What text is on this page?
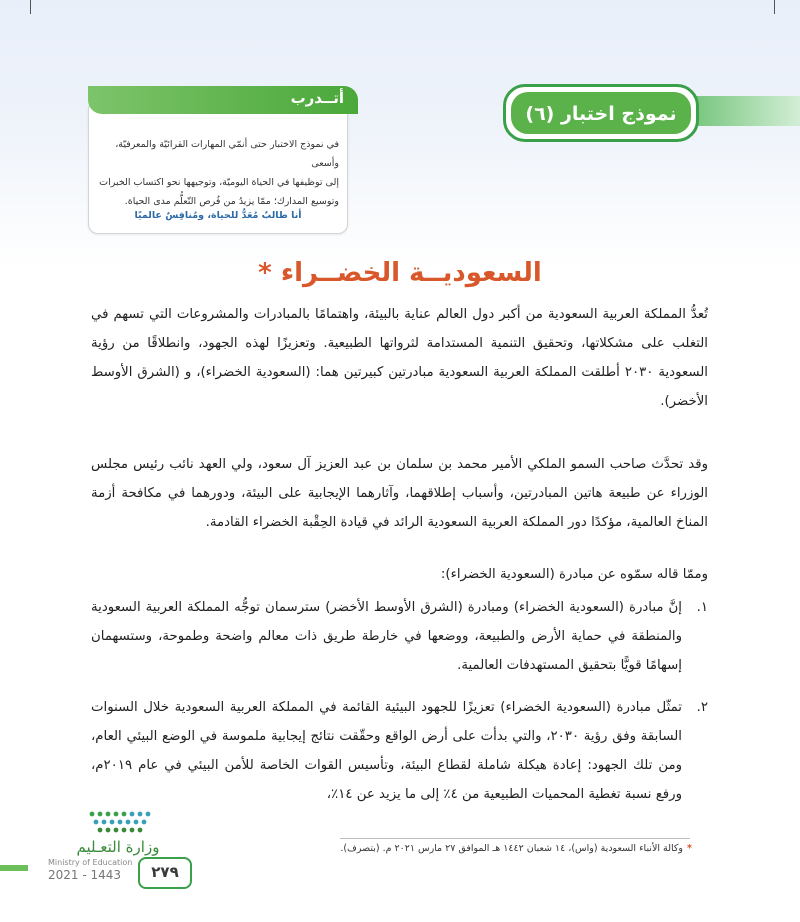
في نموذج الاختبار حتى أنمّي المهارات القرائيّة والمعرفيّة، وأسعى
إلى توظيفها في الحياة اليوميّة، وتوجيهها نحو اكتساب الخبرات
وتوسيع المدارك؛ ممّا يزيدُ من فُرص التّعلُّم مدى الحياة.
أنا طالبٌ مُعَدٌّ للحياة، ومُنافِسٌ عالميًا
أتــدرب
نموذج اختبار (٦)
السعوديــة الخضــراء *
تُعدُّ المملكة العربية السعودية من أكبر دول العالم عناية بالبيئة، واهتمامًا بالمبادرات والمشروعات التي تسهم في التغلب على مشكلاتها، وتحقيق التنمية المستدامة لثرواتها الطبيعية. وتعزيزًا لهذه الجهود، وانطلاقًا من رؤية السعودية ٢٠٣٠ أطلقت المملكة العربية السعودية مبادرتين كبيرتين هما: (السعودية الخضراء)، و (الشرق الأوسط الأخضر).
وقد تحدَّث صاحب السمو الملكي الأمير محمد بن سلمان بن عبد العزيز آل سعود، ولي العهد نائب رئيس مجلس الوزراء عن طبيعة هاتين المبادرتين، وأسباب إطلاقهما، وآثارهما الإيجابية على البيئة، ودورهما في مكافحة أزمة المناخ العالمية، مؤكدًا دور المملكة العربية السعودية الرائد في قيادة الحِقْبة الخضراء القادمة.
وممّا قاله سمّوه عن مبادرة (السعودية الخضراء):
١.
إنَّ مبادرة (السعودية الخضراء) ومبادرة (الشرق الأوسط الأخضر) سترسمان توجُّه المملكة العربية السعودية والمنطقة في حماية الأرض والطبيعة، ووضعها في خارطة طريق ذات معالم واضحة وطموحة، وستسهمان إسهامًا قويًّا بتحقيق المستهدفات العالمية.
٢.
تمثّل مبادرة (السعودية الخضراء) تعزيزًا للجهود البيئية القائمة في المملكة العربية السعودية خلال السنوات السابقة وفق رؤية ٢٠٣٠، والتي بدأت على أرض الواقع وحقّقت نتائج إيجابية ملموسة في الوضع البيئي العام، ومن تلك الجهود: إعادة هيكلة شاملة لقطاع البيئة، وتأسيس القوات الخاصة للأمن البيئي في عام ٢٠١٩م، ورفع نسبة تغطية المحميات الطبيعية من ٤٪ إلى ما يزيد عن ١٤٪،
*وكالة الأنباء السعودية (واس)، ١٤ شعبان ١٤٤٢ هـ الموافق ٢٧ مارس ٢٠٢١ م. (بتصرف).
وزارة التعـليم
Ministry of Education
2021 - 1443	٢٧٩
